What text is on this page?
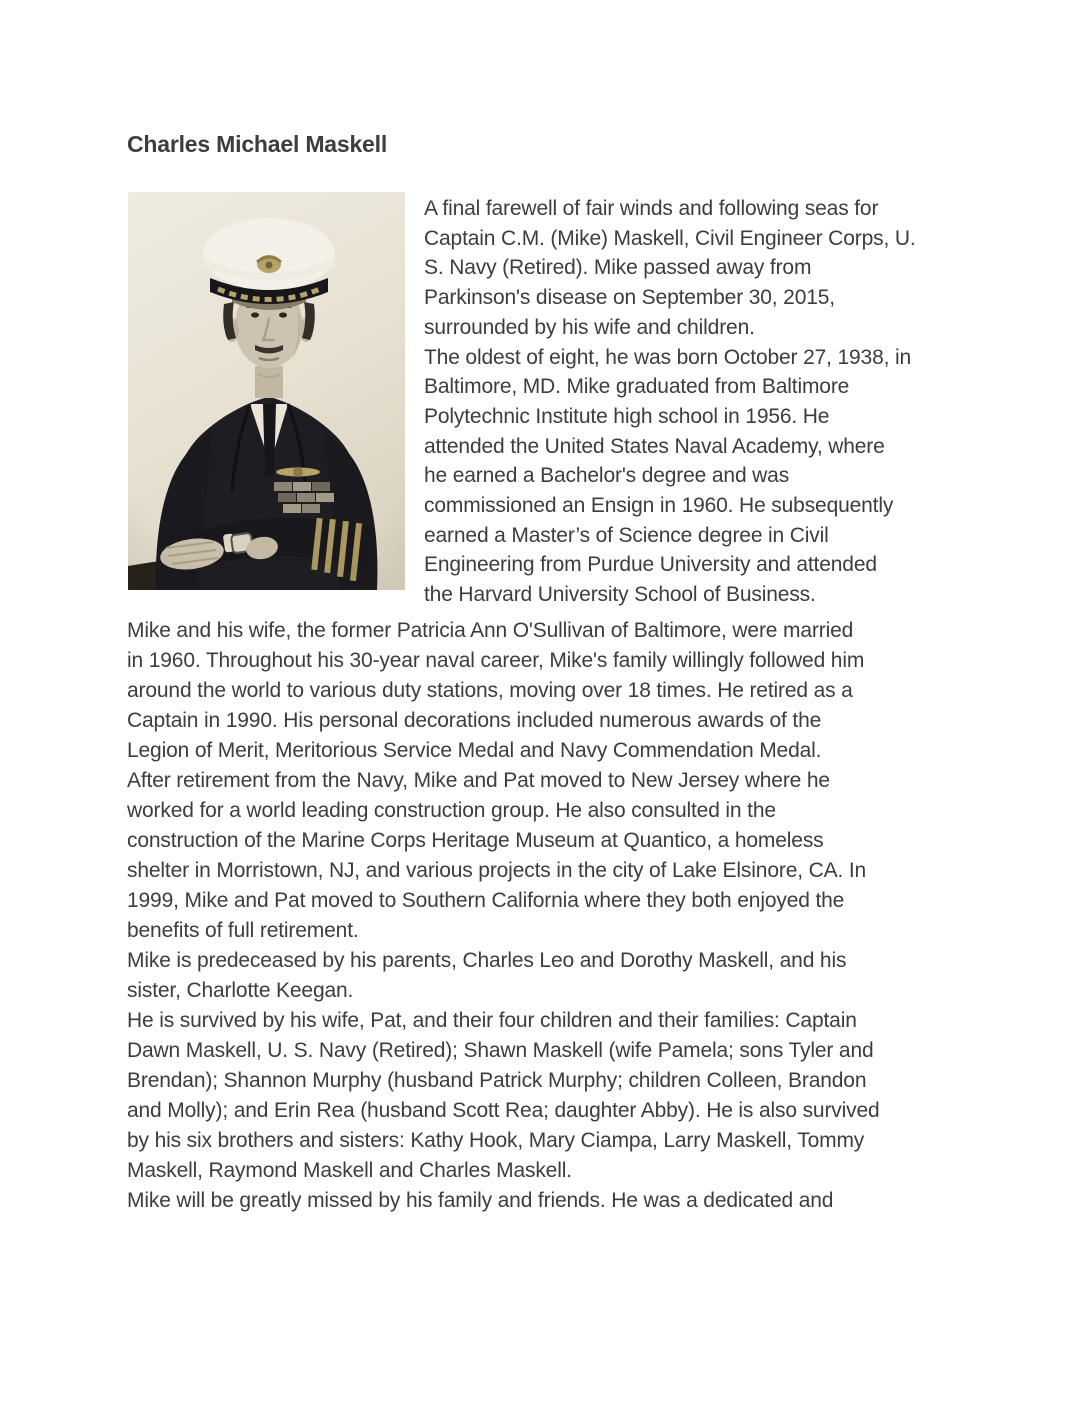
Charles Michael Maskell
A final farewell of fair winds and following seas for
Captain C.M. (Mike) Maskell, Civil Engineer Corps, U.
S. Navy (Retired). Mike passed away from
Parkinson's disease on September 30, 2015,
surrounded by his wife and children.
The oldest of eight, he was born October 27, 1938, in
Baltimore, MD. Mike graduated from Baltimore
Polytechnic Institute high school in 1956. He
attended the United States Naval Academy, where
he earned a Bachelor's degree and was
commissioned an Ensign in 1960. He subsequently
earned a Master’s of Science degree in Civil
Engineering from Purdue University and attended
the Harvard University School of Business.
Mike and his wife, the former Patricia Ann O'Sullivan of Baltimore, were married
in 1960. Throughout his 30-year naval career, Mike's family willingly followed him
around the world to various duty stations, moving over 18 times. He retired as a
Captain in 1990. His personal decorations included numerous awards of the
Legion of Merit, Meritorious Service Medal and Navy Commendation Medal.
After retirement from the Navy, Mike and Pat moved to New Jersey where he
worked for a world leading construction group. He also consulted in the
construction of the Marine Corps Heritage Museum at Quantico, a homeless
shelter in Morristown, NJ, and various projects in the city of Lake Elsinore, CA. In
1999, Mike and Pat moved to Southern California where they both enjoyed the
benefits of full retirement.
Mike is predeceased by his parents, Charles Leo and Dorothy Maskell, and his
sister, Charlotte Keegan.
He is survived by his wife, Pat, and their four children and their families: Captain
Dawn Maskell, U. S. Navy (Retired); Shawn Maskell (wife Pamela; sons Tyler and
Brendan); Shannon Murphy (husband Patrick Murphy; children Colleen, Brandon
and Molly); and Erin Rea (husband Scott Rea; daughter Abby). He is also survived
by his six brothers and sisters: Kathy Hook, Mary Ciampa, Larry Maskell, Tommy
Maskell, Raymond Maskell and Charles Maskell.
Mike will be greatly missed by his family and friends. He was a dedicated and
